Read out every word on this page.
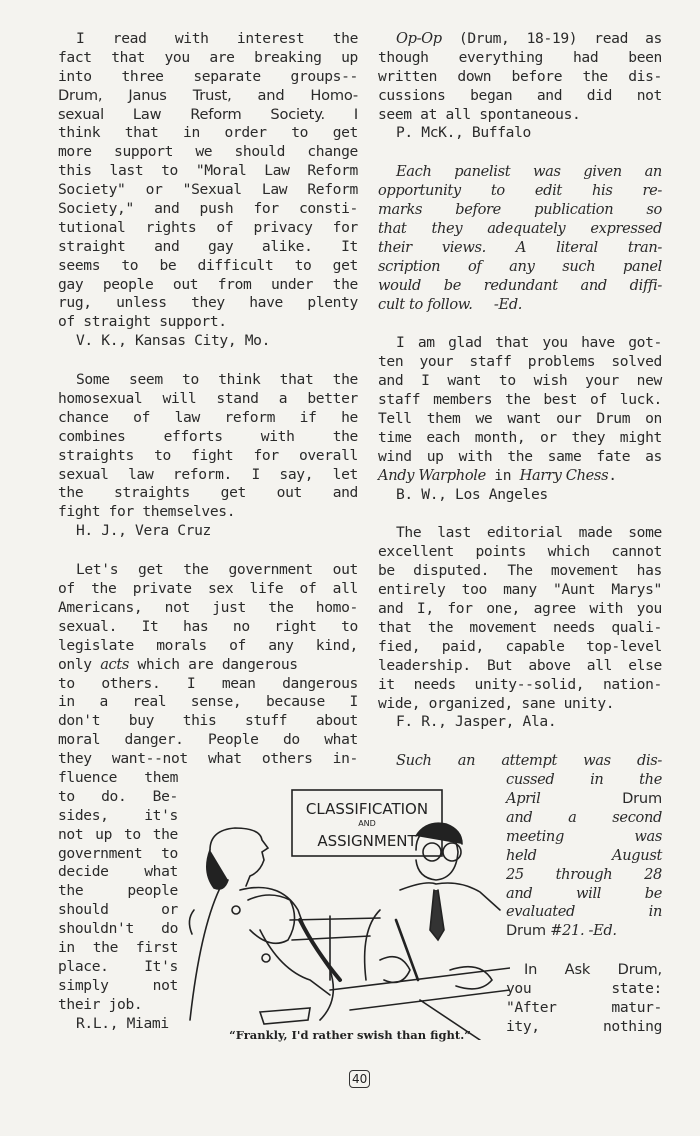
I read with interest the
fact that you are breaking up
into three separate groups--
Drum, Janus Trust, and Homo-
sexual Law Reform Society. I
think that in order to get
more support we should change
this last to "Moral Law Reform
Society" or "Sexual Law Reform
Society," and push for consti-
tutional rights of privacy for
straight and gay alike. It
seems to be difficult to get
gay people out from under the
rug, unless they have plenty
of straight support.
V. K., Kansas City, Mo.
Some seem to think that the
homosexual will stand a better
chance of law reform if he
combines efforts with the
straights to fight for overall
sexual law reform. I say, let
the straights get out and
fight for themselves.
H. J., Vera Cruz
Let's get the government out
of the private sex life of all
Americans, not just the homo-
sexual. It has no right to
legislate morals of any kind,
only acts which are dangerous
to others. I mean dangerous
in a real sense, because I
don't buy this stuff about
moral danger. People do what
they want--not what others in-
fluence them
to do. Be-
sides, it's
not up to the
government to
decide what
the people
should or
shouldn't do
in the first
place. It's
simply not
their job.
R.L., Miami
Op-Op (Drum, 18-19) read as
though everything had been
written down before the dis-
cussions began and did not
seem at all spontaneous.
P. McK., Buffalo
Each panelist was given an
opportunity to edit his re-
marks before publication so
that they adequately expressed
their views. A literal tran-
scription of any such panel
would be redundant and diffi-
cult to follow.     -Ed.
I am glad that you have got-
ten your staff problems solved
and I want to wish your new
staff members the best of luck.
Tell them we want our Drum on
time each month, or they might
wind up with the same fate as
Andy Warphole in Harry Chess.
B. W., Los Angeles
The last editorial made some
excellent points which cannot
be disputed. The movement has
entirely too many "Aunt Marys"
and I, for one, agree with you
that the movement needs quali-
fied, paid, capable top-level
leadership. But above all else
it needs unity--solid, nation-
wide, organized, sane unity.
F. R., Jasper, Ala.
Such an attempt was dis-
cussed in the
April	Drum
and a second
meeting was
held August
25 through 28
and will be
evaluated in
Drum #21. -Ed.
In Ask Drum,
you state:
"After matur-
ity, nothing
CLASSIFICATION
AND
ASSIGNMENT
“Frankly, I'd rather swish than fight.”
40
